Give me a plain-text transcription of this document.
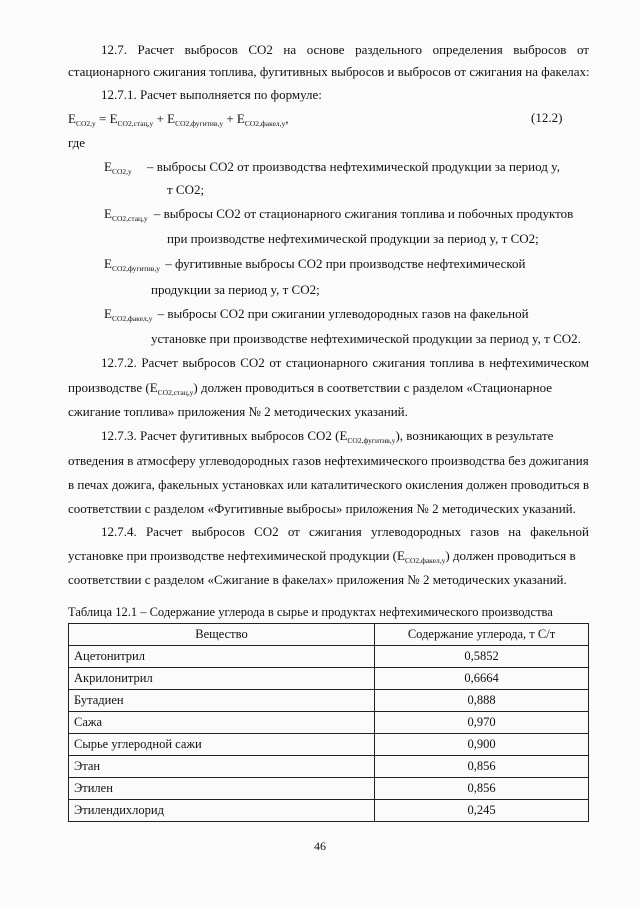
12.7. Расчет выбросов CO2 на основе раздельного определения выбросов от
стационарного сжигания топлива, фугитивных выбросов и выбросов от сжигания на факелах:
12.7.1. Расчет выполняется по формуле:
$E_{CO2,y} = E_{CO2,стац,y} + E_{CO2,фугитив,y} + E_{CO2,факел,y}$,	(12.2)
где
$E_{CO2,y}$ – выбросы CO2 от производства нефтехимической продукции за период y,
т CO2;
$E_{CO2,стац,y}$ – выбросы CO2 от стационарного сжигания топлива и побочных продуктов
при производстве нефтехимической продукции за период y, т CO2;
$E_{CO2,фугитив,y}$ – фугитивные выбросы CO2 при производстве нефтехимической
продукции за период y, т CO2;
$E_{CO2,факел,y}$ – выбросы CO2 при сжигании углеводородных газов на факельной
установке при производстве нефтехимической продукции за период y, т CO2.
12.7.2. Расчет выбросов CO2 от стационарного сжигания топлива в нефтехимическом
производстве $(E_{CO2,стац,y})$ должен проводиться в соответствии с разделом «Стационарное
сжигание топлива» приложения № 2 методических указаний.
12.7.3. Расчет фугитивных выбросов CO2 $(E_{CO2,фугитив,y})$, возникающих в результате
отведения в атмосферу углеводородных газов нефтехимического производства без дожигания
в печах дожига, факельных установках или каталитического окисления должен проводиться в
соответствии с разделом «Фугитивные выбросы» приложения № 2 методических указаний.
12.7.4. Расчет выбросов CO2 от сжигания углеводородных газов на факельной
установке при производстве нефтехимической продукции $(E_{CO2,факел,y})$ должен проводиться в
соответствии с разделом «Сжигание в факелах» приложения № 2 методических указаний.
Таблица 12.1 – Содержание углерода в сырье и продуктах нефтехимического производства
Вещество	Содержание углерода, т C/т
Ацетонитрил	0,5852
Акрилонитрил	0,6664
Бутадиен	0,888
Сажа	0,970
Сырье углеродной сажи	0,900
Этан	0,856
Этилен	0,856
Этилендихлорид	0,245
46
